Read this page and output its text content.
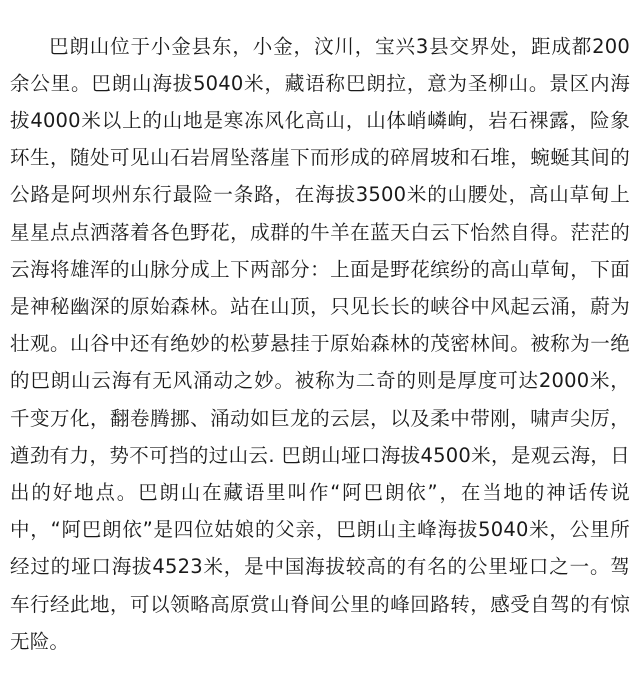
巴朗山位于小金县东，小金，汶川，宝兴3县交界处，距成都200余公里。巴朗山海拔5040米，藏语称巴朗拉，意为圣柳山。景区内海拔4000米以上的山地是寒冻风化高山，山体峭嶙峋，岩石裸露，险象环生，随处可见山石岩屑坠落崖下而形成的碎屑坡和石堆，蜿蜒其间的公路是阿坝州东行最险一条路，在海拔3500米的山腰处，高山草甸上星星点点洒落着各色野花，成群的牛羊在蓝天白云下怡然自得。茫茫的云海将雄浑的山脉分成上下两部分：上面是野花缤纷的高山草甸，下面是神秘幽深的原始森林。站在山顶，只见长长的峡谷中风起云涌，蔚为壮观。山谷中还有绝妙的松萝悬挂于原始森林的茂密林间。被称为一绝的巴朗山云海有无风涌动之妙。被称为二奇的则是厚度可达2000米，千变万化，翻卷腾挪、涌动如巨龙的云层，以及柔中带刚，啸声尖厉，遒劲有力，势不可挡的过山云. 巴朗山垭口海拔4500米，是观云海，日出的好地点。巴朗山在藏语里叫作“阿巴朗依”，在当地的神话传说中，“阿巴朗依”是四位姑娘的父亲，巴朗山主峰海拔5040米，公里所经过的垭口海拔4523米，是中国海拔较高的有名的公里垭口之一。驾车行经此地，可以领略高原赏山脊间公里的峰回路转，感受自驾的有惊无险。
